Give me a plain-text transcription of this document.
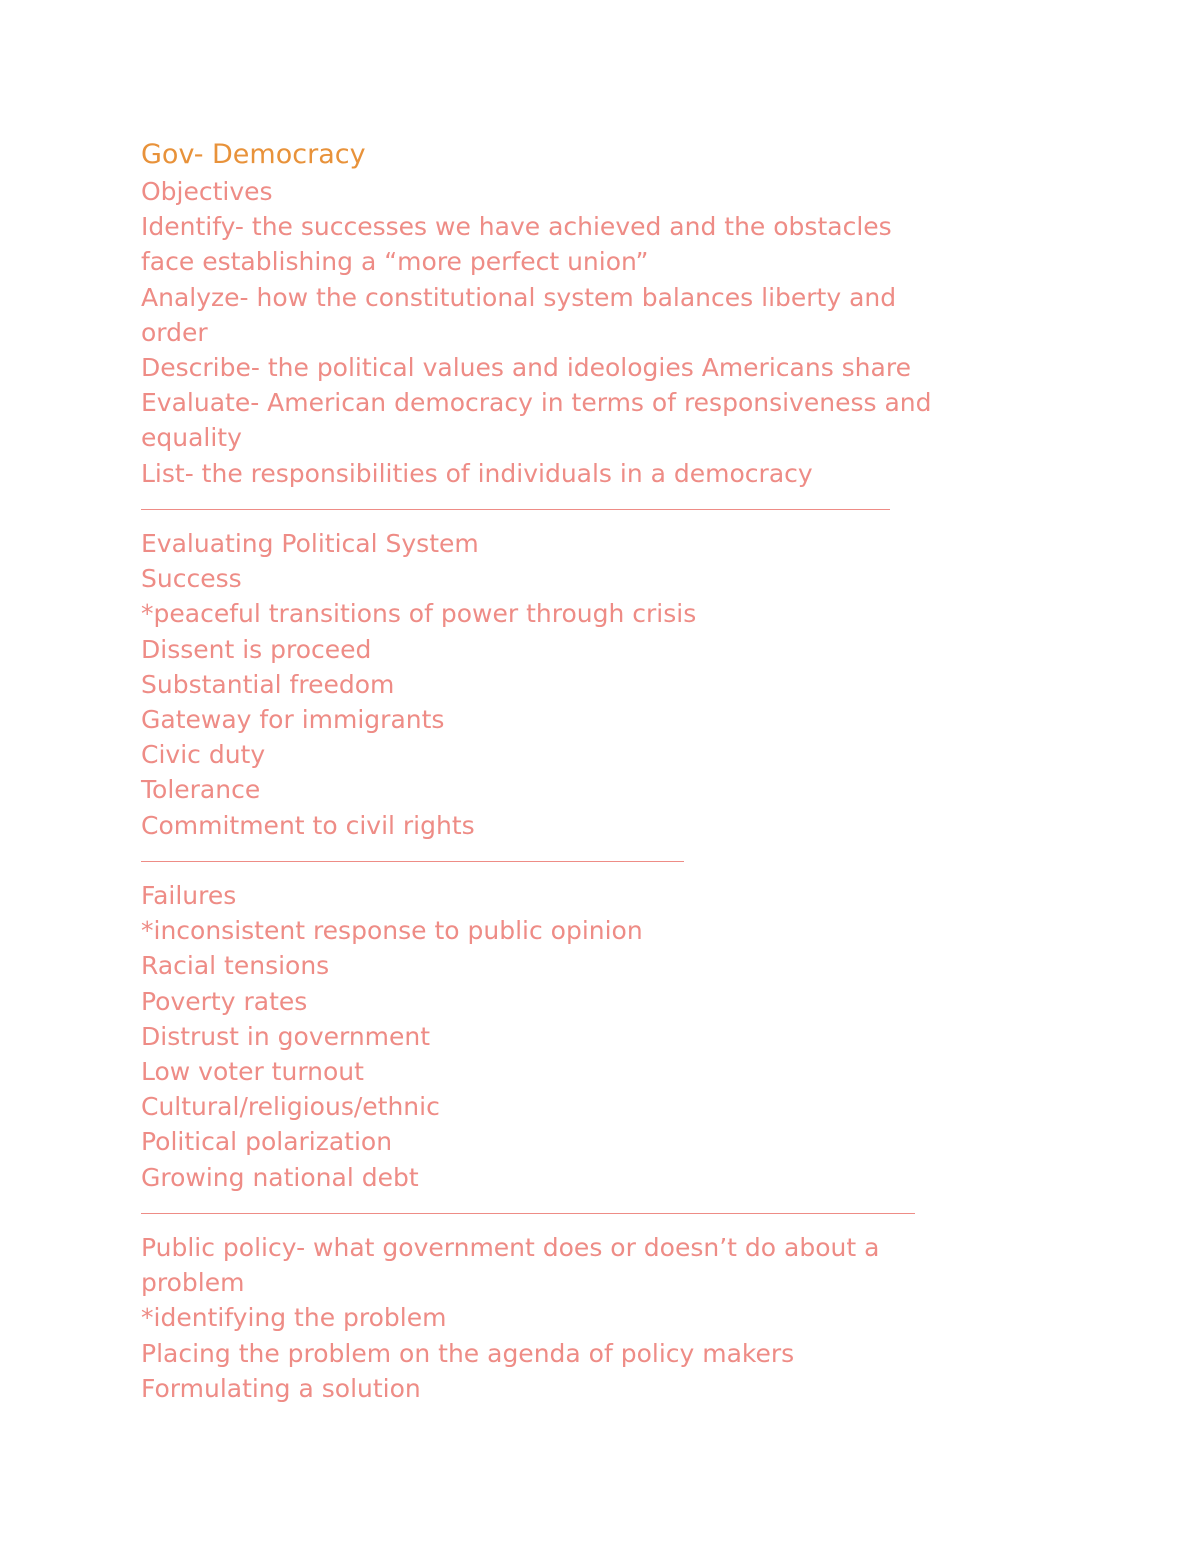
Gov- Democracy
Objectives
Identify- the successes we have achieved and the obstacles
face establishing a “more perfect union”
Analyze- how the constitutional system balances liberty and
order
Describe- the political values and ideologies Americans share
Evaluate- American democracy in terms of responsiveness and
equality
List- the responsibilities of individuals in a democracy
Evaluating Political System
Success
*peaceful transitions of power through crisis
Dissent is proceed
Substantial freedom
Gateway for immigrants
Civic duty
Tolerance
Commitment to civil rights
Failures
*inconsistent response to public opinion
Racial tensions
Poverty rates
Distrust in government
Low voter turnout
Cultural/religious/ethnic
Political polarization
Growing national debt
Public policy- what government does or doesn’t do about a
problem
*identifying the problem
Placing the problem on the agenda of policy makers
Formulating a solution
